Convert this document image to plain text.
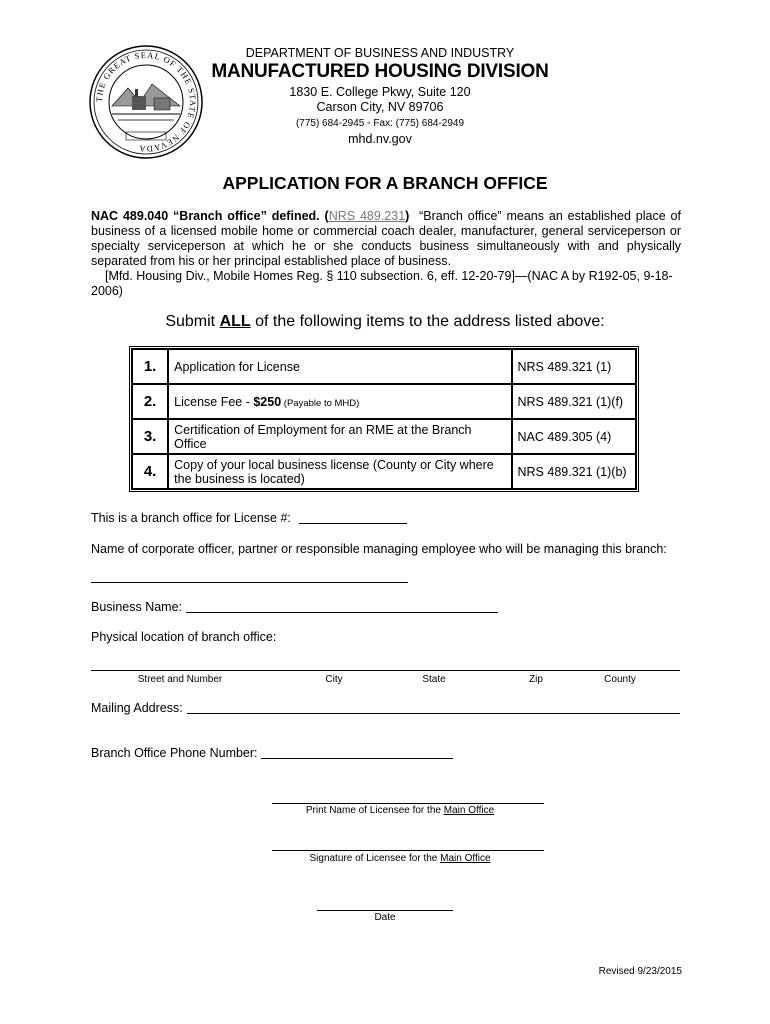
THE GREAT SEAL OF THE STATE OF NEVADA
DEPARTMENT OF BUSINESS AND INDUSTRY
MANUFACTURED HOUSING DIVISION
1830 E. College Pkwy, Suite 120
Carson City, NV 89706
(775) 684-2945 ◦ Fax: (775) 684-2949
mhd.nv.gov
APPLICATION FOR A BRANCH OFFICE
NAC 489.040 “Branch office” defined. (NRS 489.231) “Branch office” means an established place of business of a licensed mobile home or commercial coach dealer, manufacturer, general serviceperson or specialty serviceperson at which he or she conducts business simultaneously with and physically separated from his or her principal established place of business.
[Mfd. Housing Div., Mobile Homes Reg. § 110 subsection. 6, eff. 12-20-79]—(NAC A by R192-05, 9-18-2006)
Submit ALL of the following items to the address listed above:
1.	Application for License	NRS 489.321 (1)
2.	License Fee - $250 (Payable to MHD)	NRS 489.321 (1)(f)
3.	Certification of Employment for an RME at the Branch Office	NAC 489.305 (4)
4.	Copy of your local business license (County or City where the business is located)	NRS 489.321 (1)(b)
This is a branch office for License #:
Name of corporate officer, partner or responsible managing employee who will be managing this branch:
Business Name:
Physical location of branch office:
Street and Number	City	State	Zip	County
Mailing Address:
Branch Office Phone Number:
Print Name of Licensee for the Main Office
Signature of Licensee for the Main Office
Date
Revised 9/23/2015
